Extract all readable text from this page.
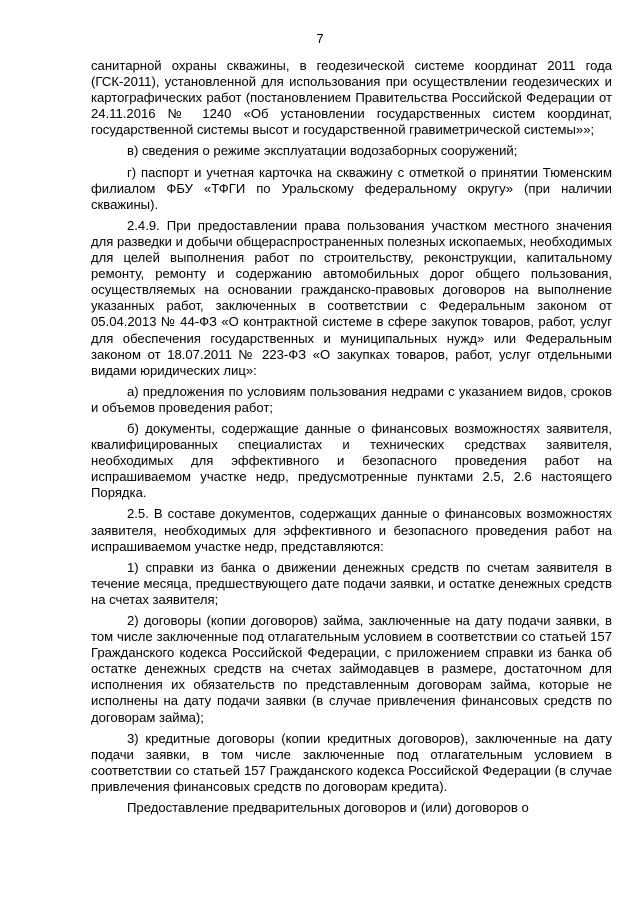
7

санитарной охраны скважины, в геодезической системе координат 2011 года (ГСК-2011), установленной для использования при осуществлении геодезических и картографических работ (постановлением Правительства Российской Федерации от 24.11.2016 № 1240 «Об установлении государственных систем координат, государственной системы высот и государственной гравиметрической системы»»;

в) сведения о режиме эксплуатации водозаборных сооружений;

г) паспорт и учетная карточка на скважину с отметкой о принятии Тюменским филиалом ФБУ «ТФГИ по Уральскому федеральному округу» (при наличии скважины).

2.4.9. При предоставлении права пользования участком местного значения для разведки и добычи общераспространенных полезных ископаемых, необходимых для целей выполнения работ по строительству, реконструкции, капитальному ремонту, ремонту и содержанию автомобильных дорог общего пользования, осуществляемых на основании гражданско-правовых договоров на выполнение указанных работ, заключенных в соответствии с Федеральным законом от 05.04.2013 № 44-ФЗ «О контрактной системе в сфере закупок товаров, работ, услуг для обеспечения государственных и муниципальных нужд» или Федеральным законом от 18.07.2011 № 223-ФЗ «О закупках товаров, работ, услуг отдельными видами юридических лиц»:

а) предложения по условиям пользования недрами с указанием видов, сроков и объемов проведения работ;

б) документы, содержащие данные о финансовых возможностях заявителя, квалифицированных специалистах и технических средствах заявителя, необходимых для эффективного и безопасного проведения работ на испрашиваемом участке недр, предусмотренные пунктами 2.5, 2.6 настоящего Порядка.

2.5. В составе документов, содержащих данные о финансовых возможностях заявителя, необходимых для эффективного и безопасного проведения работ на испрашиваемом участке недр, представляются:

1) справки из банка о движении денежных средств по счетам заявителя в течение месяца, предшествующего дате подачи заявки, и остатке денежных средств на счетах заявителя;

2) договоры (копии договоров) займа, заключенные на дату подачи заявки, в том числе заключенные под отлагательным условием в соответствии со статьей 157 Гражданского кодекса Российской Федерации, с приложением справки из банка об остатке денежных средств на счетах займодавцев в размере, достаточном для исполнения их обязательств по представленным договорам займа, которые не исполнены на дату подачи заявки (в случае привлечения финансовых средств по договорам займа);

3) кредитные договоры (копии кредитных договоров), заключенные на дату подачи заявки, в том числе заключенные под отлагательным условием в соответствии со статьей 157 Гражданского кодекса Российской Федерации (в случае привлечения финансовых средств по договорам кредита).

Предоставление предварительных договоров и (или) договоров о
